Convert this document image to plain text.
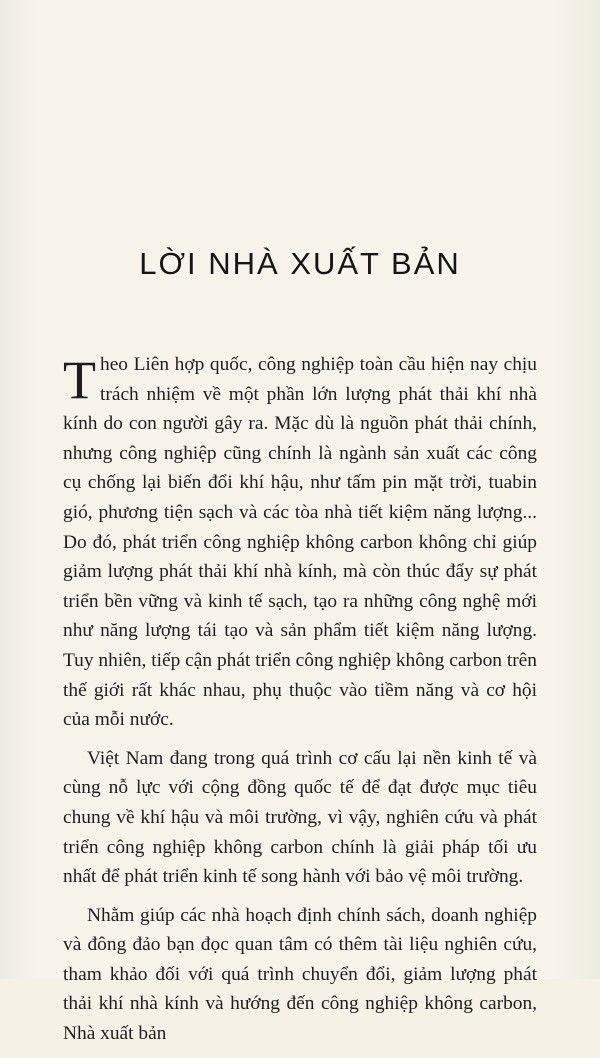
LỜI NHÀ XUẤT BẢN

T heo Liên hợp quốc, công nghiệp toàn cầu hiện nay chịu trách nhiệm về một phần lớn lượng phát thải khí nhà kính do con người gây ra. Mặc dù là nguồn phát thải chính, nhưng công nghiệp cũng chính là ngành sản xuất các công cụ chống lại biến đổi khí hậu, như tấm pin mặt trời, tuabin gió, phương tiện sạch và các tòa nhà tiết kiệm năng lượng... Do đó, phát triển công nghiệp không carbon không chỉ giúp giảm lượng phát thải khí nhà kính, mà còn thúc đẩy sự phát triển bền vững và kinh tế sạch, tạo ra những công nghệ mới như năng lượng tái tạo và sản phẩm tiết kiệm năng lượng. Tuy nhiên, tiếp cận phát triển công nghiệp không carbon trên thế giới rất khác nhau, phụ thuộc vào tiềm năng và cơ hội của mỗi nước.

Việt Nam đang trong quá trình cơ cấu lại nền kinh tế và cùng nỗ lực với cộng đồng quốc tế để đạt được mục tiêu chung về khí hậu và môi trường, vì vậy, nghiên cứu và phát triển công nghiệp không carbon chính là giải pháp tối ưu nhất để phát triển kinh tế song hành với bảo vệ môi trường.

Nhằm giúp các nhà hoạch định chính sách, doanh nghiệp và đông đảo bạn đọc quan tâm có thêm tài liệu nghiên cứu, tham khảo đối với quá trình chuyển đổi, giảm lượng phát thải khí nhà kính và hướng đến công nghiệp không carbon, Nhà xuất bản
